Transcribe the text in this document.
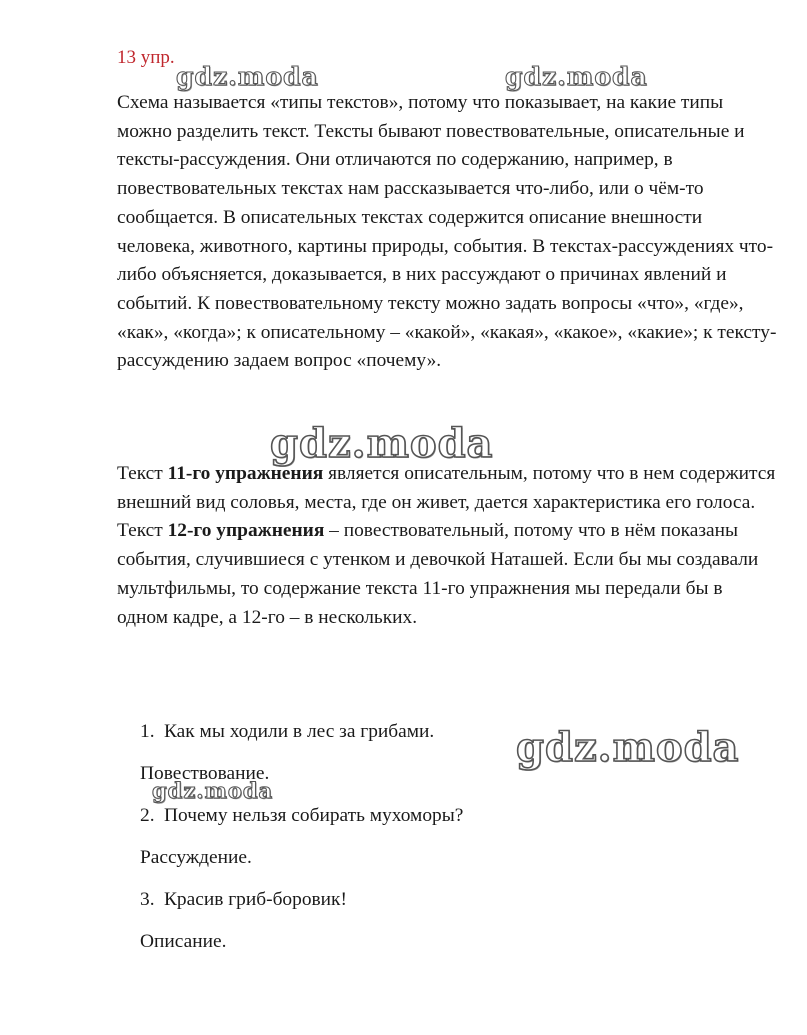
13 упр.

Схема называется «типы текстов», потому что показывает, на какие типы можно разделить текст. Тексты бывают повествовательные, описательные и тексты-рассуждения. Они отличаются по содержанию, например, в повествовательных текстах нам рассказывается что-либо, или о чём-то сообщается. В описательных текстах содержится описание внешности человека, животного, картины природы, события. В текстах-рассуждениях что-либо объясняется, доказывается, в них рассуждают о причинах явлений и событий. К повествовательному тексту можно задать вопросы «что», «где», «как», «когда»; к описательному – «какой», «какая», «какое», «какие»; к тексту-рассуждению задаем вопрос «почему».

Текст 11-го упражнения является описательным, потому что в нем содержится внешний вид соловья, места, где он живет, дается характеристика его голоса. Текст 12-го упражнения – повествовательный, потому что в нём показаны события, случившиеся с утенком и девочкой Наташей. Если бы мы создавали мультфильмы, то содержание текста 11-го упражнения мы передали бы в одном кадре, а 12-го – в нескольких.

1. Как мы ходили в лес за грибами.
Повествование.
2. Почему нельзя собирать мухоморы?
Рассуждение.
3. Красив гриб-боровик!
Описание.
gdz.moda	gdz.moda
gdz.moda
gdz.moda
gdz.moda
